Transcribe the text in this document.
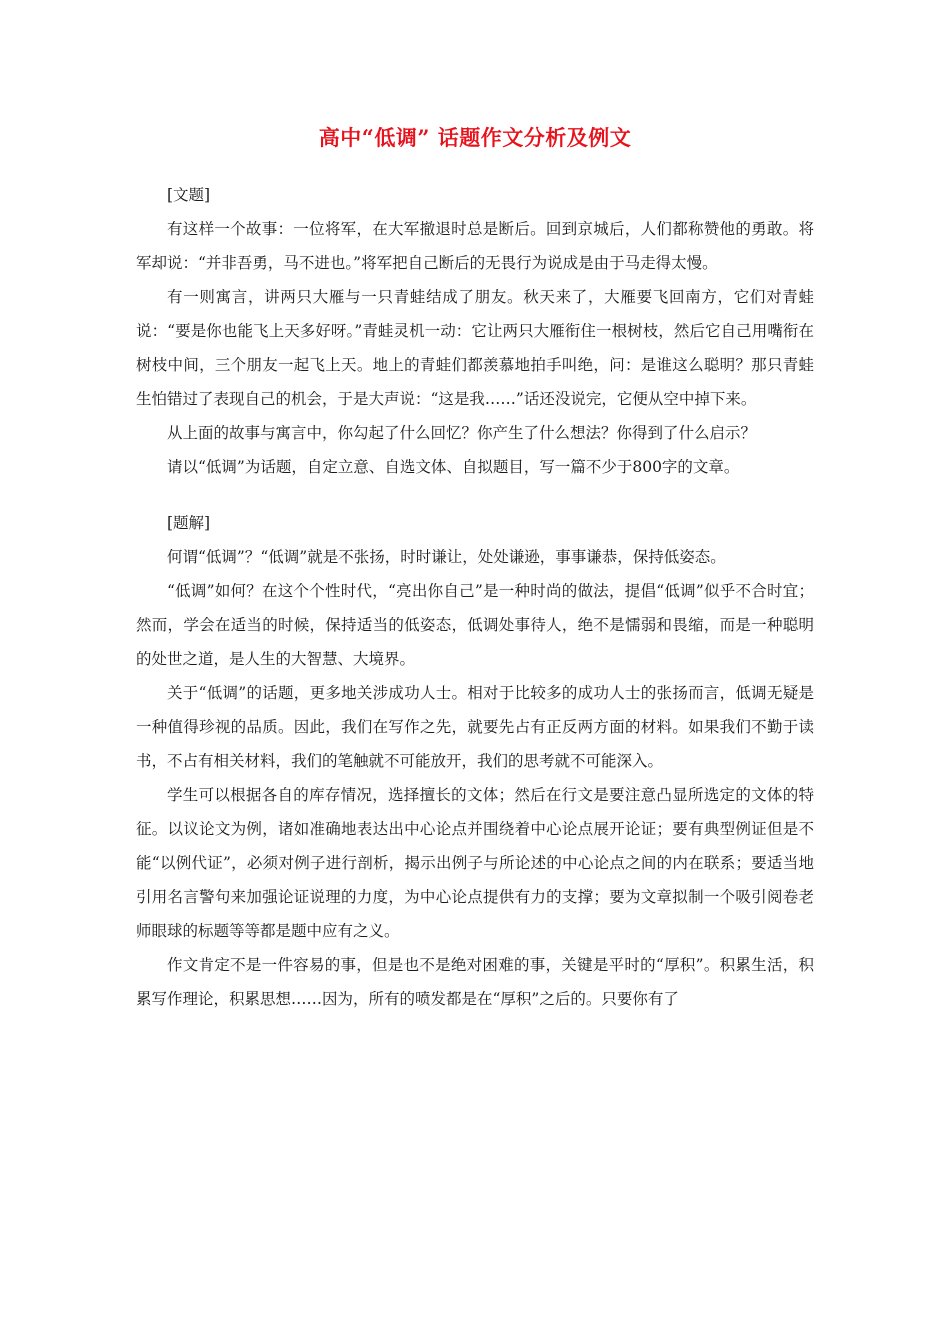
高中“低调” 话题作文分析及例文

[文题]

有这样一个故事：一位将军，在大军撤退时总是断后。回到京城后，人们都称赞他的勇敢。将军却说：“并非吾勇，马不进也。”将军把自己断后的无畏行为说成是由于马走得太慢。

有一则寓言，讲两只大雁与一只青蛙结成了朋友。秋天来了，大雁要飞回南方，它们对青蛙说：“要是你也能飞上天多好呀。”青蛙灵机一动：它让两只大雁衔住一根树枝，然后它自己用嘴衔在树枝中间，三个朋友一起飞上天。地上的青蛙们都羡慕地拍手叫绝，问：是谁这么聪明？那只青蛙生怕错过了表现自己的机会，于是大声说：“这是我……”话还没说完，它便从空中掉下来。

从上面的故事与寓言中，你勾起了什么回忆？你产生了什么想法？你得到了什么启示？

请以“低调”为话题，自定立意、自选文体、自拟题目，写一篇不少于800字的文章。

[题解]

何谓“低调”？“低调”就是不张扬，时时谦让，处处谦逊，事事谦恭，保持低姿态。

“低调”如何？在这个个性时代，“亮出你自己”是一种时尚的做法，提倡“低调”似乎不合时宜；然而，学会在适当的时候，保持适当的低姿态，低调处事待人，绝不是懦弱和畏缩，而是一种聪明的处世之道，是人生的大智慧、大境界。

关于“低调”的话题，更多地关涉成功人士。相对于比较多的成功人士的张扬而言，低调无疑是一种值得珍视的品质。因此，我们在写作之先，就要先占有正反两方面的材料。如果我们不勤于读书，不占有相关材料，我们的笔触就不可能放开，我们的思考就不可能深入。

学生可以根据各自的库存情况，选择擅长的文体；然后在行文是要注意凸显所选定的文体的特征。以议论文为例，诸如准确地表达出中心论点并围绕着中心论点展开论证；要有典型例证但是不能“以例代证”，必须对例子进行剖析，揭示出例子与所论述的中心论点之间的内在联系；要适当地引用名言警句来加强论证说理的力度，为中心论点提供有力的支撑；要为文章拟制一个吸引阅卷老师眼球的标题等等都是题中应有之义。

作文肯定不是一件容易的事，但是也不是绝对困难的事，关键是平时的“厚积”。积累生活，积累写作理论，积累思想……因为，所有的喷发都是在“厚积”之后的。只要你有了
